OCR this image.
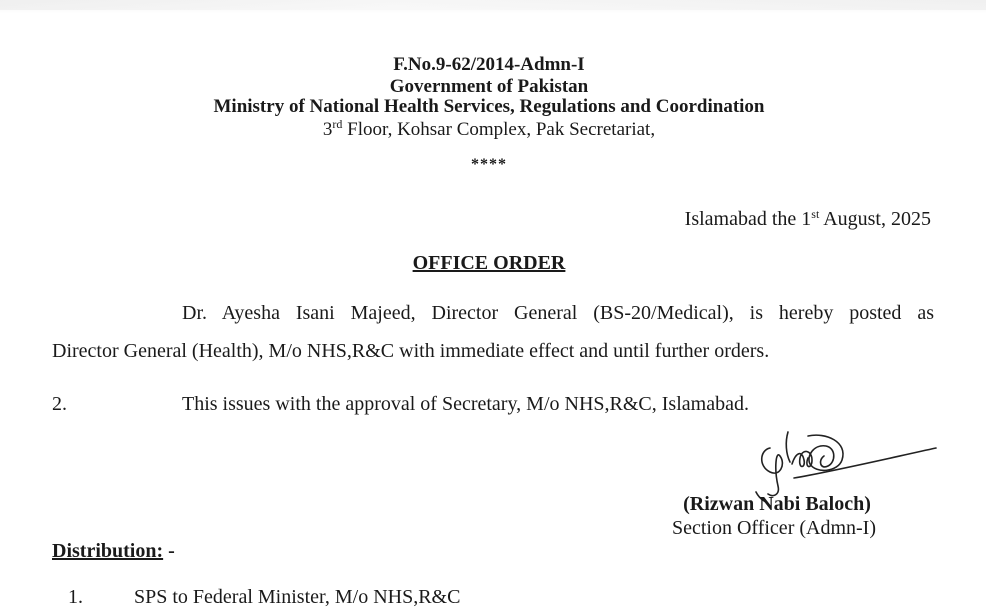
F.No.9-62/2014-Admn-I
Government of Pakistan
Ministry of National Health Services, Regulations and Coordination
3rd Floor, Kohsar Complex, Pak Secretariat,
****
Islamabad the 1st August, 2025
OFFICE ORDER
Dr. Ayesha Isani Majeed, Director General (BS-20/Medical), is hereby posted as
Director General (Health), M/o NHS,R&C with immediate effect and until further orders.
2.	This issues with the approval of Secretary, M/o NHS,R&C, Islamabad.
(Rizwan Nabi Baloch)
Section Officer (Admn-I)
Distribution: -
1.	SPS to Federal Minister, M/o NHS,R&C
